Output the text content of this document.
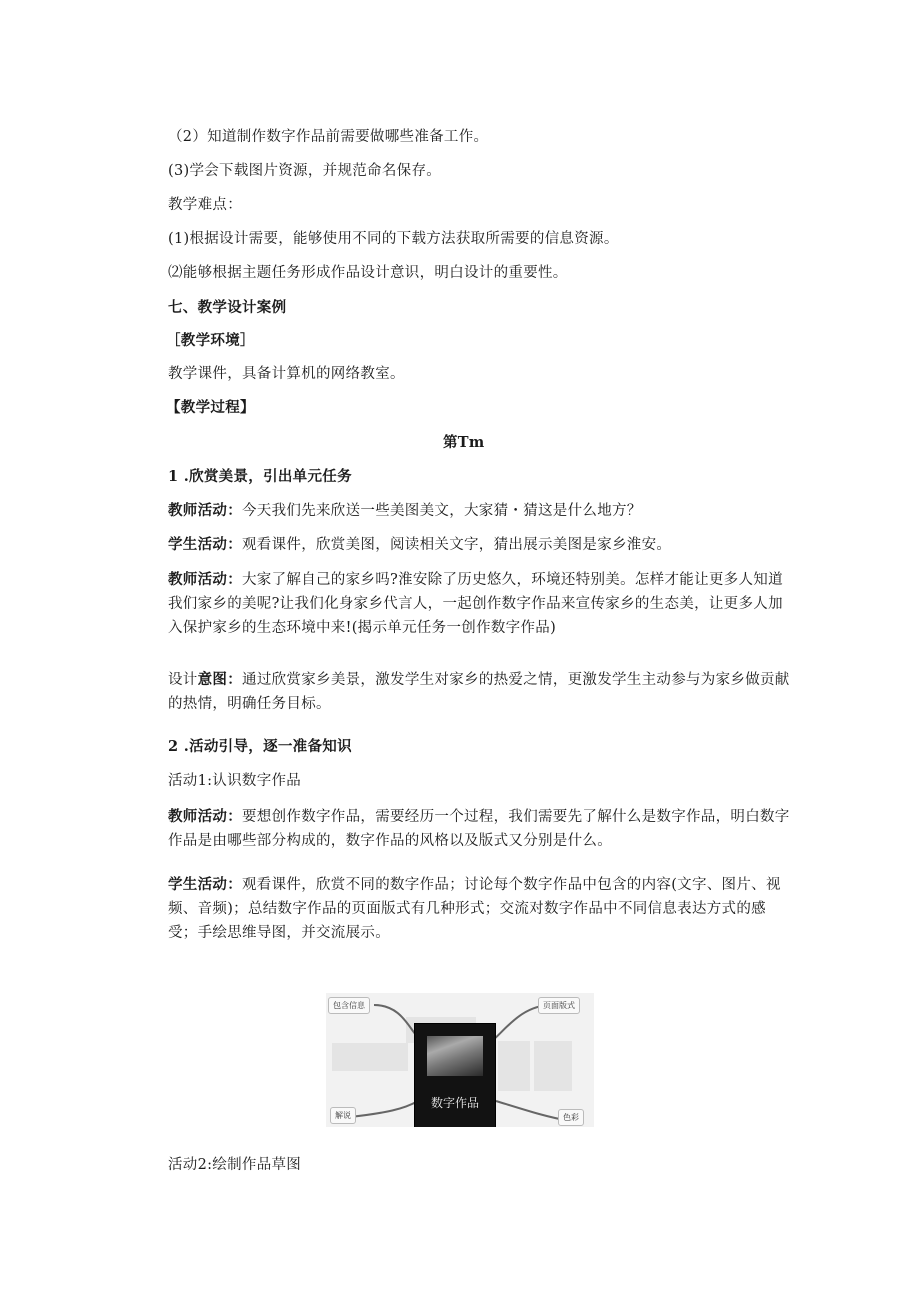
（2）知道制作数字作品前需要做哪些准备工作。
(3)学会下载图片资源，并规范命名保存。
教学难点：
(1)根据设计需要，能够使用不同的下载方法获取所需要的信息资源。
⑵能够根据主题任务形成作品设计意识，明白设计的重要性。
七、教学设计案例
［教学环境］
教学课件，具备计算机的网络教室。
【教学过程】
第Tm
1 .欣赏美景，引出单元任务
教师活动：今天我们先来欣送一些美图美文，大家猜・猜这是什么地方？
学生活动：观看课件，欣赏美图，阅读相关文字，猜出展示美图是家乡淮安。
教师活动：大家了解自己的家乡吗?淮安除了历史悠久，环境还特别美。怎样才能让更多人知道我们家乡的美呢?让我们化身家乡代言人，一起创作数字作品来宣传家乡的生态美，让更多人加入保护家乡的生态环境中来!(揭示单元任务一创作数字作品)
设计意图：通过欣赏家乡美景，激发学生对家乡的热爱之情，更激发学生主动参与为家乡做贡献的热情，明确任务目标。
2 .活动引导，逐一准备知识
活动1:认识数字作品
教师活动：要想创作数字作品，需要经历一个过程，我们需要先了解什么是数字作品，明白数字作品是由哪些部分构成的，数字作品的风格以及版式又分别是什么。
学生活动：观看课件，欣赏不同的数字作品；讨论每个数字作品中包含的内容(文字、图片、视频、音频)；总结数字作品的页面版式有几种形式；交流对数字作品中不同信息表达方式的感受；手绘思维导图，并交流展示。
包含信息	页面版式
解说	色彩
数字作品
活动2:绘制作品草图
